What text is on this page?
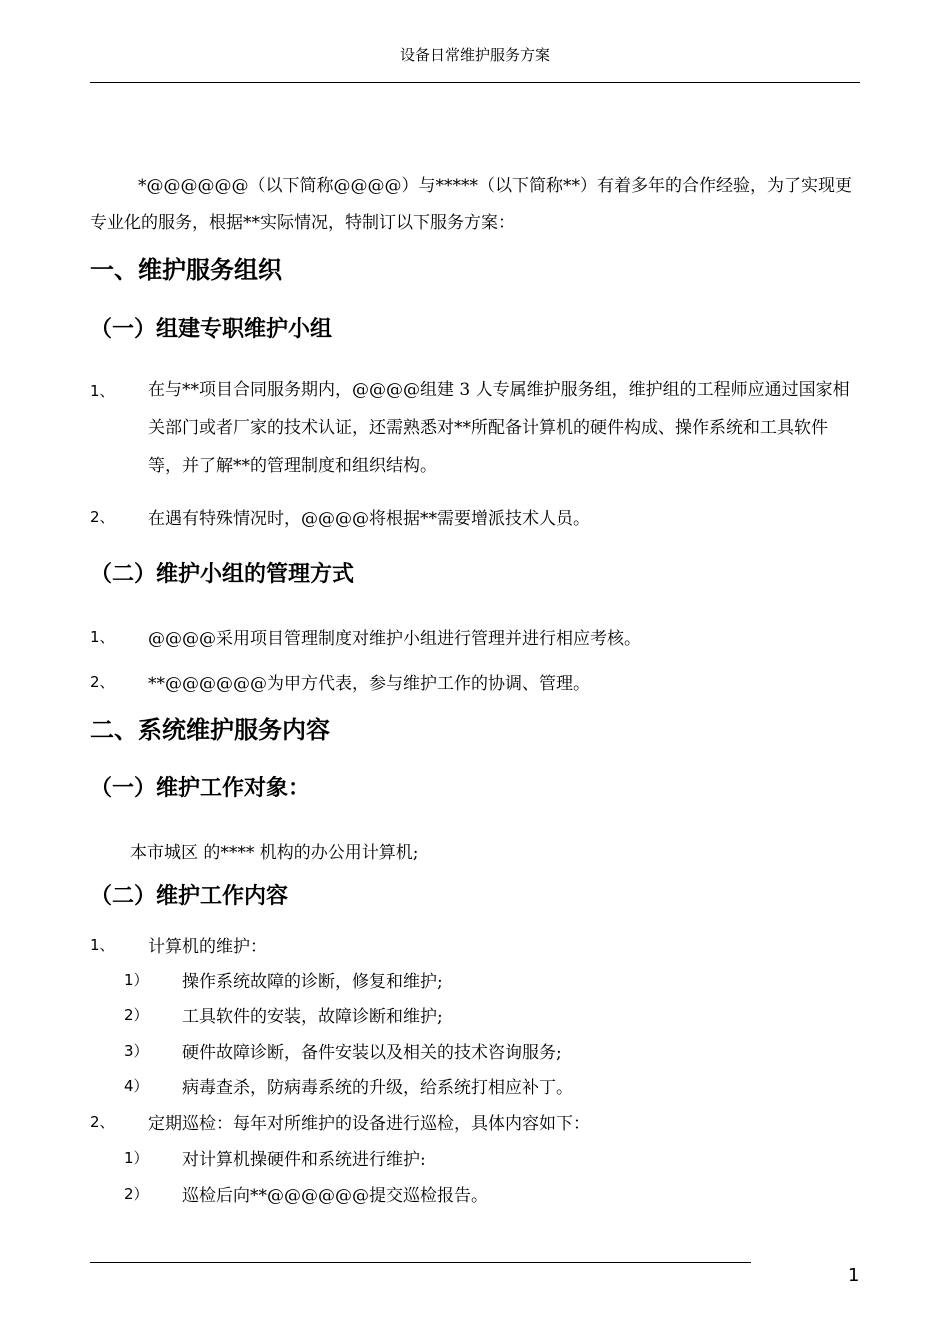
设备日常维护服务方案

*@@@@@@（以下简称@@@@）与*****（以下简称**）有着多年的合作经验，为了实现更专业化的服务，根据**实际情况，特制订以下服务方案：

一、维护服务组织
（一）组建专职维护小组
1、 在与**项目合同服务期内，@@@@组建 3 人专属维护服务组，维护组的工程师应通过国家相关部门或者厂家的技术认证，还需熟悉对**所配备计算机的硬件构成、操作系统和工具软件等，并了解**的管理制度和组织结构。

2、 在遇有特殊情况时，@@@@将根据**需要增派技术人员。
（二）维护小组的管理方式
1、 @@@@采用项目管理制度对维护小组进行管理并进行相应考核。
2、 **@@@@@@为甲方代表，参与维护工作的协调、管理。
二、系统维护服务内容
（一）维护工作对象：
本市城区 的**** 机构的办公用计算机;
（二）维护工作内容
1、 计算机的维护：
1） 操作系统故障的诊断，修复和维护;
2） 工具软件的安装，故障诊断和维护;
3） 硬件故障诊断，备件安装以及相关的技术咨询服务;
4） 病毒查杀，防病毒系统的升级，给系统打相应补丁。
2、 定期巡检：每年对所维护的设备进行巡检，具体内容如下：
1） 对计算机操硬件和系统进行维护:
2） 巡检后向**@@@@@@提交巡检报告。
1
